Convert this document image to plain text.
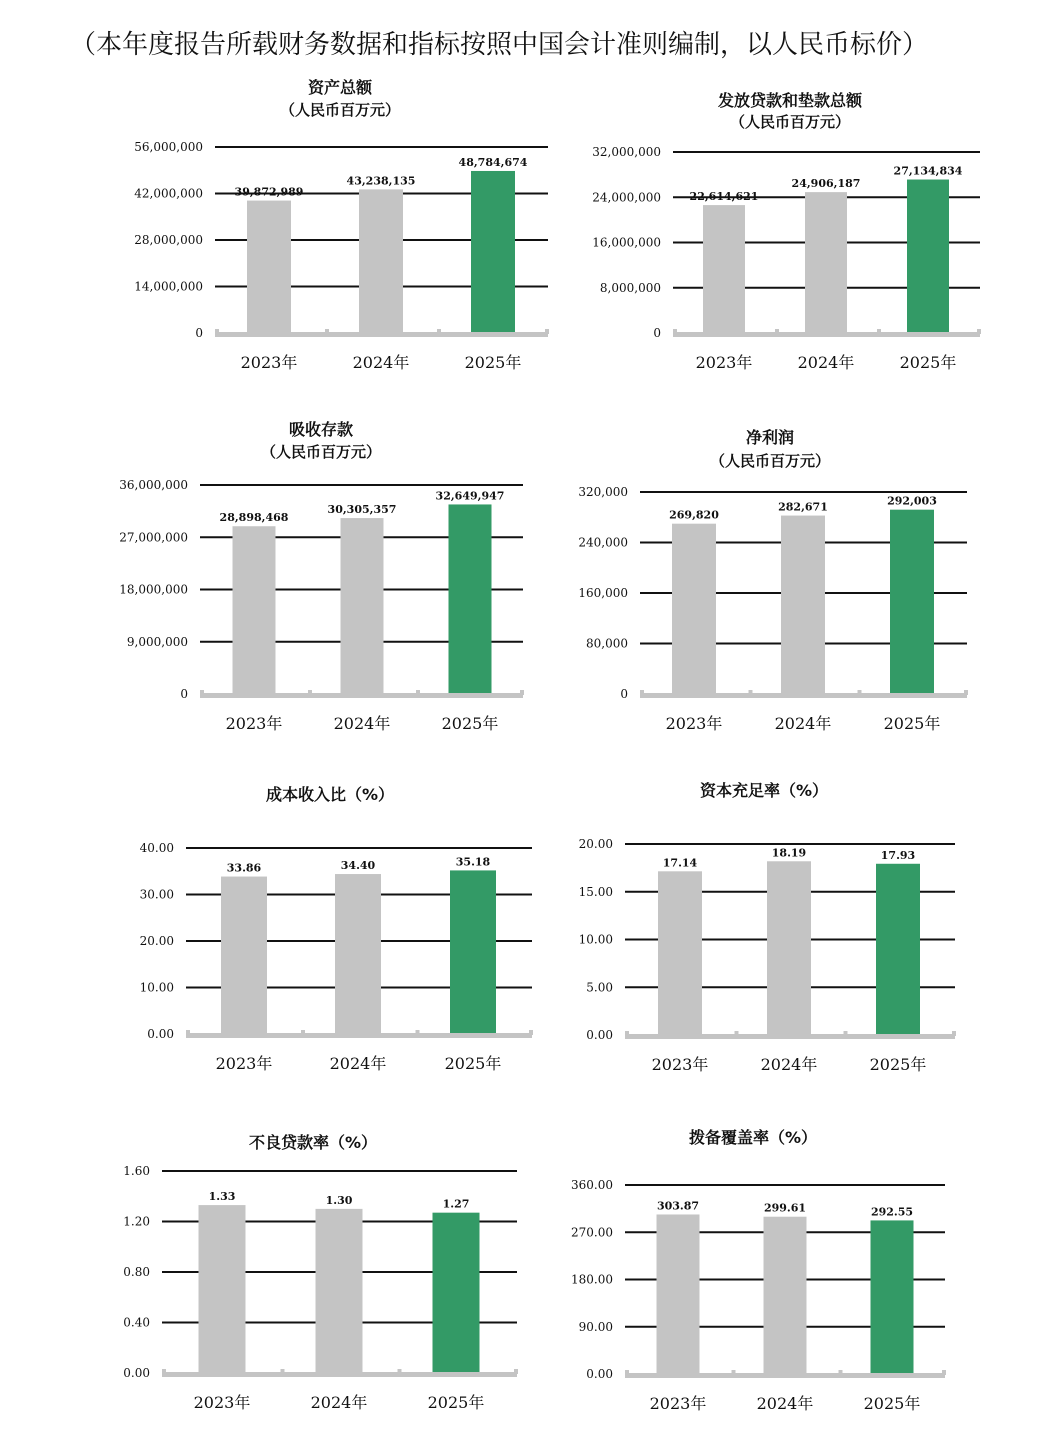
（本年度报告所载财务数据和指标按照中国会计准则编制，以人民币标价）
资产总额
（人民币百万元）
0
14,000,000
28,000,000
42,000,000
56,000,000
39,872,989
43,238,135
48,784,674
2023年	2024年	2025年
发放贷款和垫款总额
（人民币百万元）
0
8,000,000
16,000,000
24,000,000
32,000,000
22,614,621
24,906,187
27,134,834
2023年	2024年	2025年
吸收存款
（人民币百万元）
0
9,000,000
18,000,000
27,000,000
36,000,000
28,898,468
30,305,357
32,649,947
2023年	2024年	2025年
净利润
（人民币百万元）
0
80,000
160,000
240,000
320,000
269,820
282,671	292,003
2023年	2024年	2025年
成本收入比（%）
0.00
10.00
20.00
30.00
40.00
33.86	34.40	35.18
2023年	2024年	2025年
资本充足率（%）
0.00
5.00
10.00
15.00
20.00
17.14
18.19	17.93
2023年	2024年	2025年
不良贷款率（%）
0.00
0.40
0.80
1.20
1.60
1.33	1.30	1.27
2023年	2024年	2025年
拨备覆盖率（%）
0.00
90.00
180.00
270.00
360.00
303.87	299.61	292.55
2023年	2024年	2025年
